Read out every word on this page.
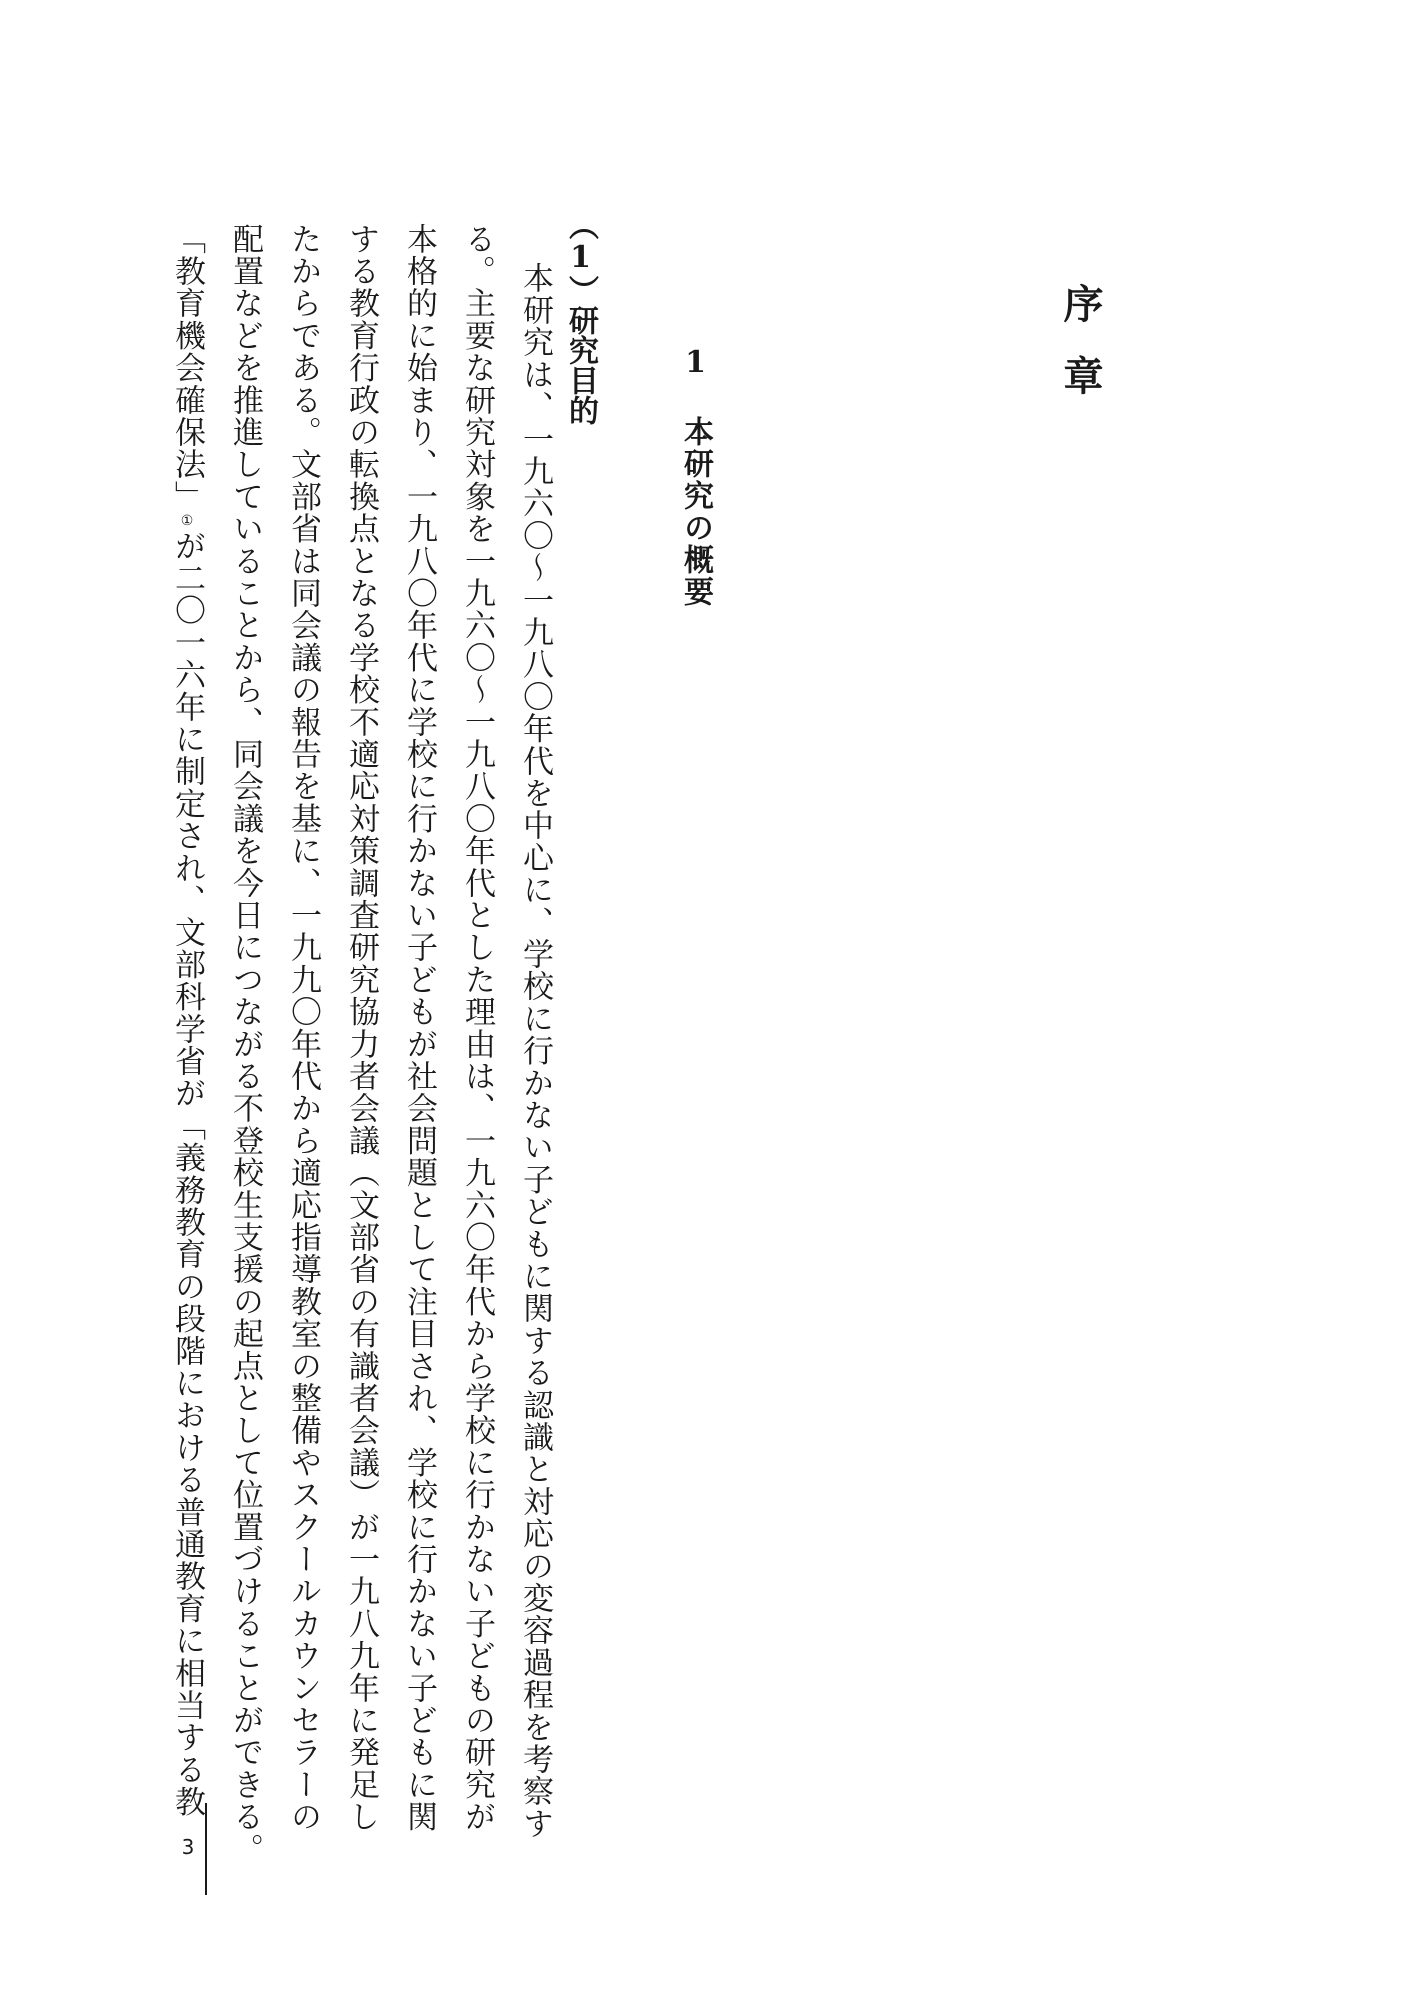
序章
1本研究の概要
（1）研究目的
本研究は、一九六〇〜一九八〇年代を中心に、学校に行かない子どもに関する認識と対応の変容過程を考察す
る。主要な研究対象を一九六〇〜一九八〇年代とした理由は、一九六〇年代から学校に行かない子どもの研究が
本格的に始まり、一九八〇年代に学校に行かない子どもが社会問題として注目され、学校に行かない子どもに関
する教育行政の転換点となる学校不適応対策調査研究協力者会議（文部省の有識者会議）が一九八九年に発足し
たからである。文部省は同会議の報告を基に、一九九〇年代から適応指導教室の整備やスクールカウンセラーの
配置などを推進していることから、同会議を今日につながる不登校生支援の起点として位置づけることができる。
「教育機会確保法」①が二〇一六年に制定され、文部科学省が「義務教育の段階における普通教育に相当する教
3
